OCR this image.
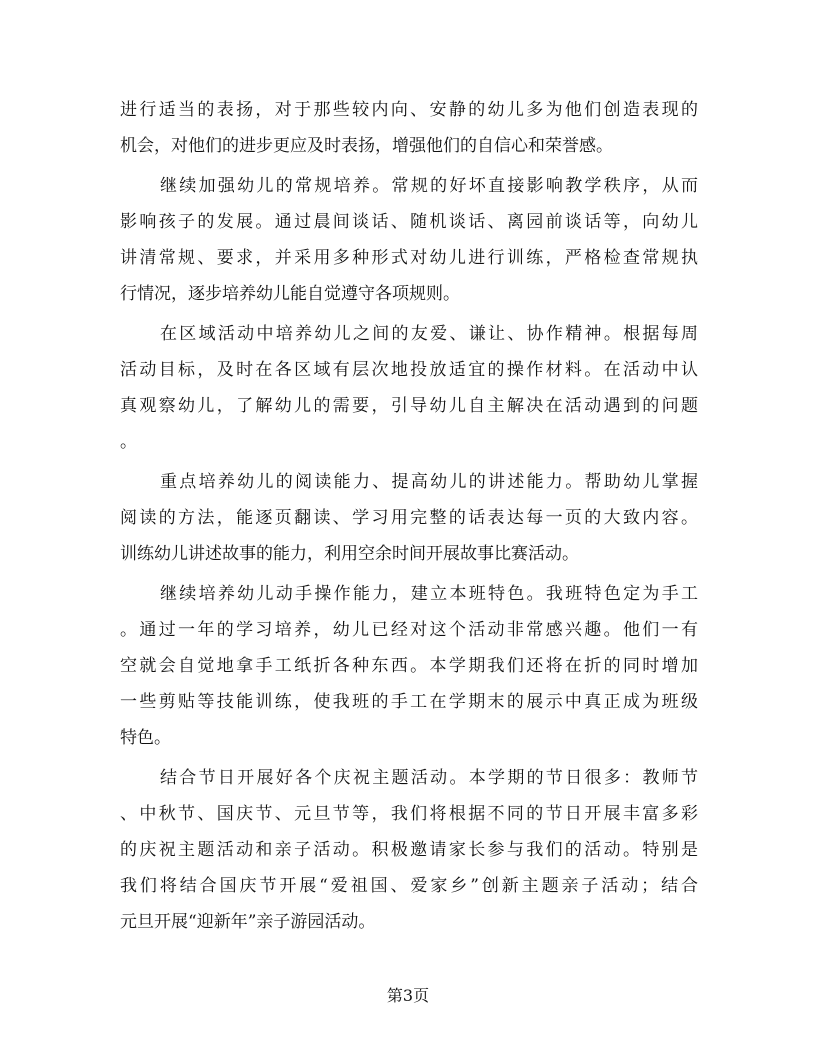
进行适当的表扬，对于那些较内向、安静的幼儿多为他们创造表现的
机会，对他们的进步更应及时表扬，增强他们的自信心和荣誉感。
继续加强幼儿的常规培养。常规的好坏直接影响教学秩序，从而
影响孩子的发展。通过晨间谈话、随机谈话、离园前谈话等，向幼儿
讲清常规、要求，并采用多种形式对幼儿进行训练，严格检查常规执
行情况，逐步培养幼儿能自觉遵守各项规则。
在区域活动中培养幼儿之间的友爱、谦让、协作精神。根据每周
活动目标，及时在各区域有层次地投放适宜的操作材料。在活动中认
真观察幼儿，了解幼儿的需要，引导幼儿自主解决在活动遇到的问题
。
重点培养幼儿的阅读能力、提高幼儿的讲述能力。帮助幼儿掌握
阅读的方法，能逐页翻读、学习用完整的话表达每一页的大致内容。
训练幼儿讲述故事的能力，利用空余时间开展故事比赛活动。
继续培养幼儿动手操作能力，建立本班特色。我班特色定为手工
。通过一年的学习培养，幼儿已经对这个活动非常感兴趣。他们一有
空就会自觉地拿手工纸折各种东西。本学期我们还将在折的同时增加
一些剪贴等技能训练，使我班的手工在学期末的展示中真正成为班级
特色。
结合节日开展好各个庆祝主题活动。本学期的节日很多：教师节
、中秋节、国庆节、元旦节等，我们将根据不同的节日开展丰富多彩
的庆祝主题活动和亲子活动。积极邀请家长参与我们的活动。特别是
我们将结合国庆节开展“爱祖国、爱家乡”创新主题亲子活动；结合
元旦开展“迎新年”亲子游园活动。
第3页
